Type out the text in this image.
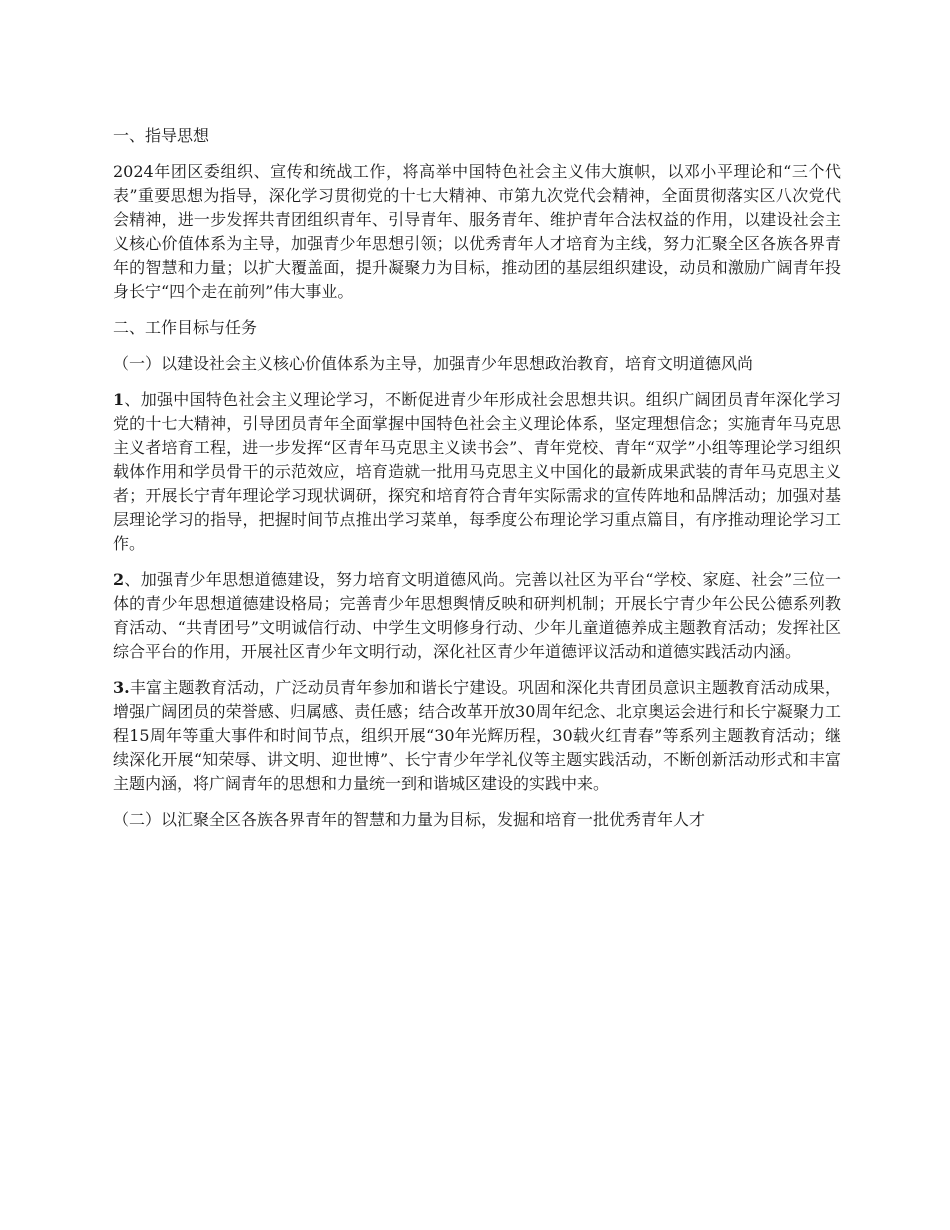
一、指导思想

2024年团区委组织、宣传和统战工作，将高举中国特色社会主义伟大旗帜，以邓小平理论和“三个代表”重要思想为指导，深化学习贯彻党的十七大精神、市第九次党代会精神，全面贯彻落实区八次党代会精神，进一步发挥共青团组织青年、引导青年、服务青年、维护青年合法权益的作用，以建设社会主义核心价值体系为主导，加强青少年思想引领；以优秀青年人才培育为主线，努力汇聚全区各族各界青年的智慧和力量；以扩大覆盖面，提升凝聚力为目标，推动团的基层组织建设，动员和激励广阔青年投身长宁“四个走在前列”伟大事业。

二、工作目标与任务

（一）以建设社会主义核心价值体系为主导，加强青少年思想政治教育，培育文明道德风尚

1、加强中国特色社会主义理论学习，不断促进青少年形成社会思想共识。组织广阔团员青年深化学习党的十七大精神，引导团员青年全面掌握中国特色社会主义理论体系，坚定理想信念；实施青年马克思主义者培育工程，进一步发挥“区青年马克思主义读书会”、青年党校、青年“双学”小组等理论学习组织载体作用和学员骨干的示范效应，培育造就一批用马克思主义中国化的最新成果武装的青年马克思主义者；开展长宁青年理论学习现状调研，探究和培育符合青年实际需求的宣传阵地和品牌活动；加强对基层理论学习的指导，把握时间节点推出学习菜单，每季度公布理论学习重点篇目，有序推动理论学习工作。

2、加强青少年思想道德建设，努力培育文明道德风尚。完善以社区为平台“学校、家庭、社会”三位一体的青少年思想道德建设格局；完善青少年思想舆情反映和研判机制；开展长宁青少年公民公德系列教育活动、“共青团号”文明诚信行动、中学生文明修身行动、少年儿童道德养成主题教育活动；发挥社区综合平台的作用，开展社区青少年文明行动，深化社区青少年道德评议活动和道德实践活动内涵。

3.丰富主题教育活动，广泛动员青年参加和谐长宁建设。巩固和深化共青团员意识主题教育活动成果，增强广阔团员的荣誉感、归属感、责任感；结合改革开放30周年纪念、北京奥运会进行和长宁凝聚力工程15周年等重大事件和时间节点，组织开展“30年光辉历程，30载火红青春”等系列主题教育活动；继续深化开展“知荣辱、讲文明、迎世博”、长宁青少年学礼仪等主题实践活动，不断创新活动形式和丰富主题内涵，将广阔青年的思想和力量统一到和谐城区建设的实践中来。

（二）以汇聚全区各族各界青年的智慧和力量为目标，发掘和培育一批优秀青年人才
